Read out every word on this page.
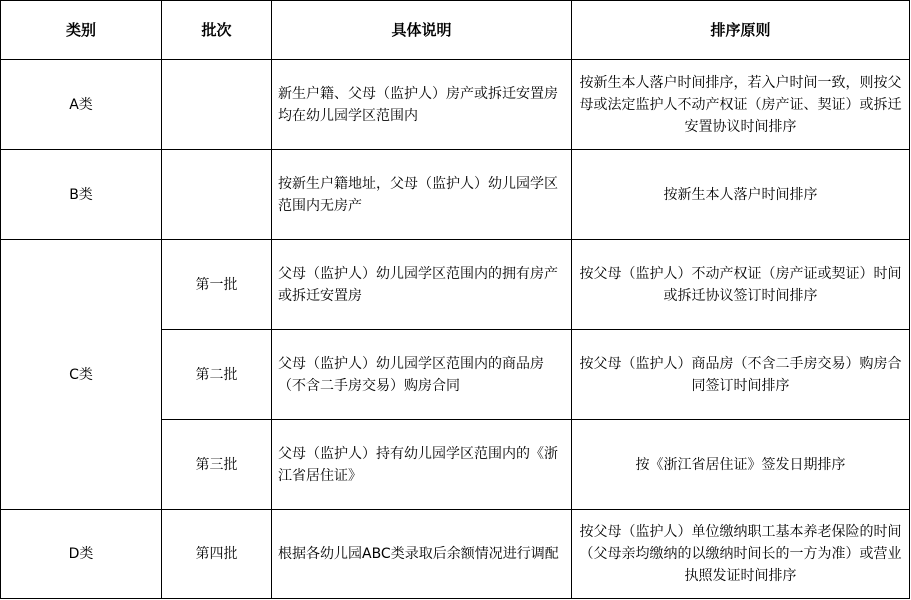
类别	批次	具体说明	排序原则
A类		新生户籍、父母（监护人）房产或拆迁安置房均在幼儿园学区范围内	按新生本人落户时间排序，若入户时间一致，则按父母或法定监护人不动产权证（房产证、契证）或拆迁安置协议时间排序
B类		按新生户籍地址，父母（监护人）幼儿园学区范围内无房产	按新生本人落户时间排序
C类	第一批	父母（监护人）幼儿园学区范围内的拥有房产或拆迁安置房	按父母（监护人）不动产权证（房产证或契证）时间或拆迁协议签订时间排序
	第二批	父母（监护人）幼儿园学区范围内的商品房（不含二手房交易）购房合同	按父母（监护人）商品房（不含二手房交易）购房合同签订时间排序
	第三批	父母（监护人）持有幼儿园学区范围内的《浙江省居住证》	按《浙江省居住证》签发日期排序
D类	第四批	根据各幼儿园ABC类录取后余额情况进行调配	按父母（监护人）单位缴纳职工基本养老保险的时间（父母亲均缴纳的以缴纳时间长的一方为准）或营业执照发证时间排序
